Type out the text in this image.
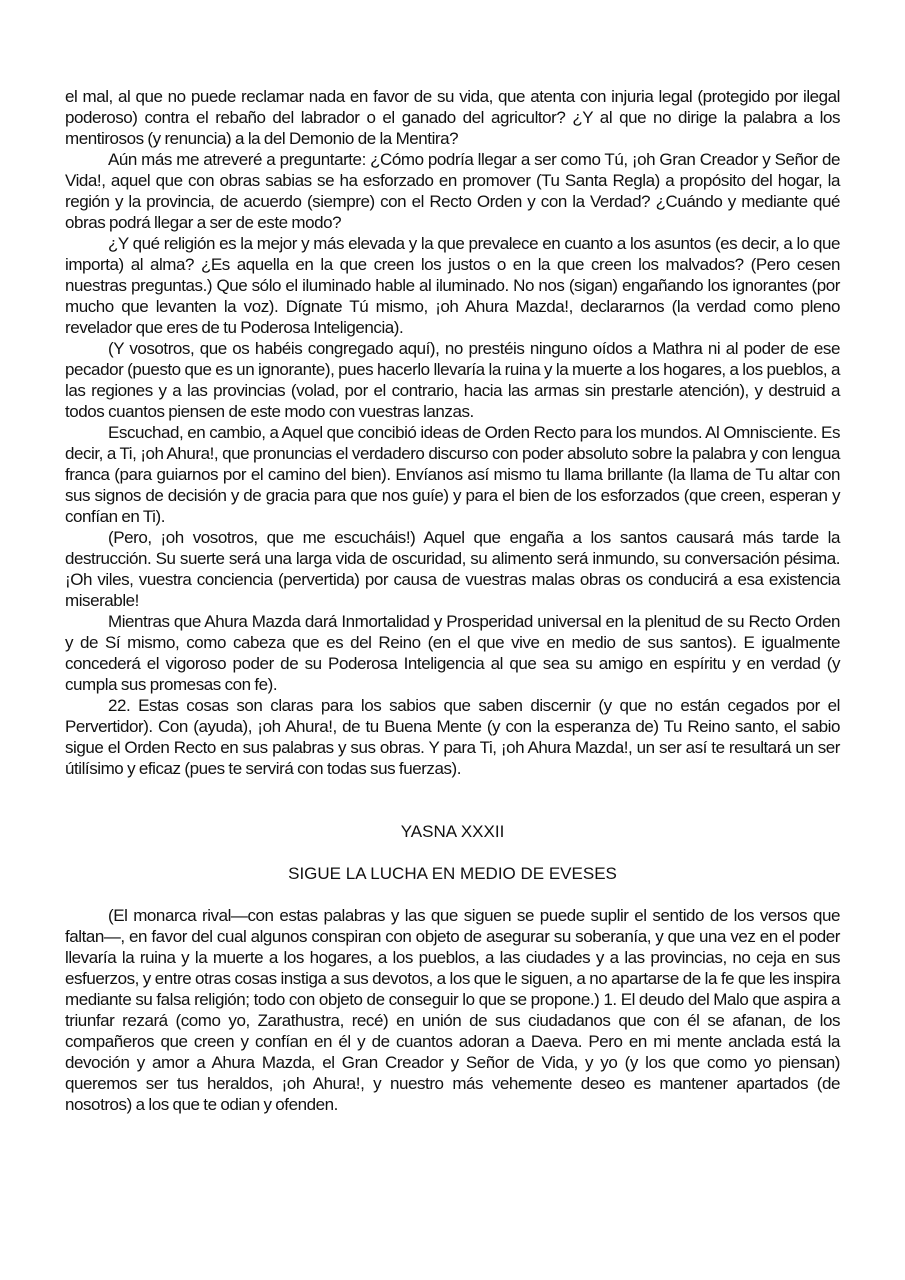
el mal, al que no puede reclamar nada en favor de su vida, que atenta con injuria legal (protegido por ilegal poderoso) contra el rebaño del labrador o el ganado del agricultor? ¿Y al que no dirige la palabra a los mentirosos (y renuncia) a la del Demonio de la Mentira?

Aún más me atreveré a preguntarte: ¿Cómo podría llegar a ser como Tú, ¡oh Gran Creador y Señor de Vida!, aquel que con obras sabias se ha esforzado en promover (Tu Santa Regla) a propósito del hogar, la región y la provincia, de acuerdo (siempre) con el Recto Orden y con la Verdad? ¿Cuándo y mediante qué obras podrá llegar a ser de este modo?

¿Y qué religión es la mejor y más elevada y la que prevalece en cuanto a los asuntos (es decir, a lo que importa) al alma? ¿Es aquella en la que creen los justos o en la que creen los malvados? (Pero cesen nuestras preguntas.) Que sólo el iluminado hable al iluminado. No nos (sigan) engañando los ignorantes (por mucho que levanten la voz). Dígnate Tú mismo, ¡oh Ahura Mazda!, declararnos (la verdad como pleno revelador que eres de tu Poderosa Inteligencia).

(Y vosotros, que os habéis congregado aquí), no prestéis ninguno oídos a Mathra ni al poder de ese pecador (puesto que es un ignorante), pues hacerlo llevaría la ruina y la muerte a los hogares, a los pueblos, a las regiones y a las provincias (volad, por el contrario, hacia las armas sin prestarle atención), y destruid a todos cuantos piensen de este modo con vuestras lanzas.

Escuchad, en cambio, a Aquel que concibió ideas de Orden Recto para los mundos. Al Omnisciente. Es decir, a Ti, ¡oh Ahura!, que pronuncias el verdadero discurso con poder absoluto sobre la palabra y con lengua franca (para guiarnos por el camino del bien). Envíanos así mismo tu llama brillante (la llama de Tu altar con sus signos de decisión y de gracia para que nos guíe) y para el bien de los esforzados (que creen, esperan y confían en Ti).

(Pero, ¡oh vosotros, que me escucháis!) Aquel que engaña a los santos causará más tarde la destrucción. Su suerte será una larga vida de oscuridad, su alimento será inmundo, su conversación pésima. ¡Oh viles, vuestra conciencia (pervertida) por causa de vuestras malas obras os conducirá a esa existencia miserable!

Mientras que Ahura Mazda dará Inmortalidad y Prosperidad universal en la plenitud de su Recto Orden y de Sí mismo, como cabeza que es del Reino (en el que vive en medio de sus santos). E igualmente concederá el vigoroso poder de su Poderosa Inteligencia al que sea su amigo en espíritu y en verdad (y cumpla sus promesas con fe).

22. Estas cosas son claras para los sabios que saben discernir (y que no están cegados por el Pervertidor). Con (ayuda), ¡oh Ahura!, de tu Buena Mente (y con la esperanza de) Tu Reino santo, el sabio sigue el Orden Recto en sus palabras y sus obras. Y para Ti, ¡oh Ahura Mazda!, un ser así te resultará un ser útilísimo y eficaz (pues te servirá con todas sus fuerzas).

YASNA XXXII

SIGUE LA LUCHA EN MEDIO DE EVESES

(El monarca rival—con estas palabras y las que siguen se puede suplir el sentido de los versos que faltan—, en favor del cual algunos conspiran con objeto de asegurar su soberanía, y que una vez en el poder llevaría la ruina y la muerte a los hogares, a los pueblos, a las ciudades y a las provincias, no ceja en sus esfuerzos, y entre otras cosas instiga a sus devotos, a los que le siguen, a no apartarse de la fe que les inspira mediante su falsa religión; todo con objeto de conseguir lo que se propone.) 1. El deudo del Malo que aspira a triunfar rezará (como yo, Zarathustra, recé) en unión de sus ciudadanos que con él se afanan, de los compañeros que creen y confían en él y de cuantos adoran a Daeva. Pero en mi mente anclada está la devoción y amor a Ahura Mazda, el Gran Creador y Señor de Vida, y yo (y los que como yo piensan) queremos ser tus heraldos, ¡oh Ahura!, y nuestro más vehemente deseo es mantener apartados (de nosotros) a los que te odian y ofenden.
